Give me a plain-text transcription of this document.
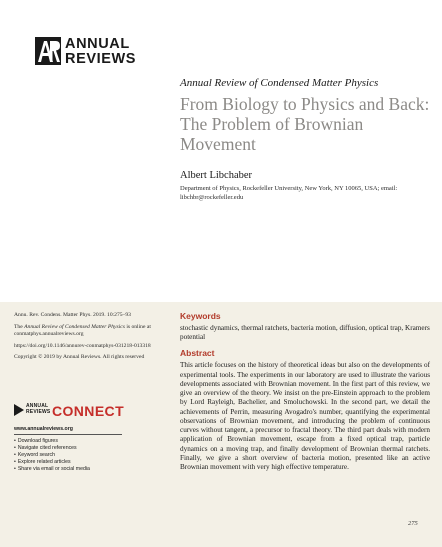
ANNUAL
REVIEWS
Annual Review of Condensed Matter Physics
From Biology to Physics and Back: The Problem of Brownian Movement
Albert Libchaber
Department of Physics, Rockefeller University, New York, NY 10065, USA; email: libchbr@rockefeller.edu

Annu. Rev. Condens. Matter Phys. 2019. 10:275–93

The Annual Review of Condensed Matter Physics is online at conmatphys.annualreviews.org

https://doi.org/10.1146/annurev-conmatphys-031218-013318

Copyright © 2019 by Annual Reviews. All rights reserved

ANNUAL
REVIEWS CONNECT
www.annualreviews.org
• Download figures
• Navigate cited references
• Keyword search
• Explore related articles
• Share via email or social media
Keywords
stochastic dynamics, thermal ratchets, bacteria motion, diffusion, optical trap, Kramers potential
Abstract
This article focuses on the history of theoretical ideas but also on the developments of experimental tools. The experiments in our laboratory are used to illustrate the various developments associated with Brownian movement. In the first part of this review, we give an overview of the theory. We insist on the pre-Einstein approach to the problem by Lord Rayleigh, Bachelier, and Smoluchowski. In the second part, we detail the achievements of Perrin, measuring Avogadro's number, quantifying the experimental observations of Brownian movement, and introducing the problem of continuous curves without tangent, a precursor to fractal theory. The third part deals with modern application of Brownian movement, escape from a fixed optical trap, particle dynamics on a moving trap, and finally development of Brownian thermal ratchets. Finally, we give a short overview of bacteria motion, presented like an active Brownian movement with very high effective temperature.
275
